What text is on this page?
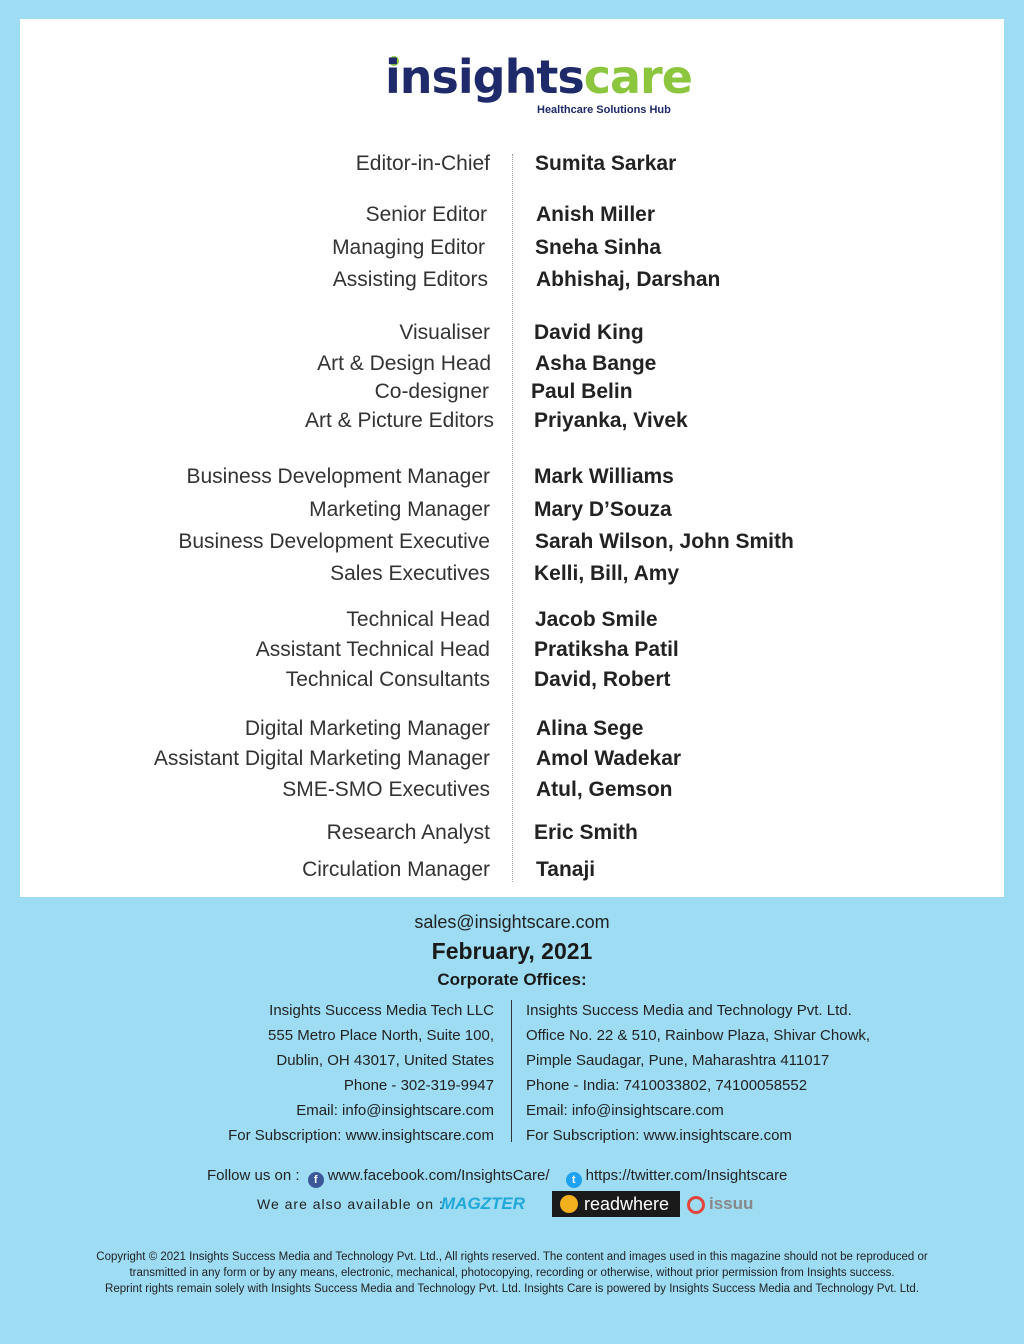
insightscare
Healthcare Solutions Hub
Editor-in-Chief Sumita Sarkar
Senior Editor Anish Miller
Managing Editor Sneha Sinha
Assisting Editors Abhishaj, Darshan
Visualiser David King
Art & Design Head Asha Bange
Co-designer Paul Belin
Art & Picture Editors Priyanka, Vivek
Business Development Manager Mark Williams
Marketing Manager Mary D’Souza
Business Development Executive Sarah Wilson, John Smith
Sales Executives Kelli, Bill, Amy
Technical Head Jacob Smile
Assistant Technical Head Pratiksha Patil
Technical Consultants David, Robert
Digital Marketing Manager Alina Sege
Assistant Digital Marketing Manager Amol Wadekar
SME-SMO Executives Atul, Gemson
Research Analyst Eric Smith
Circulation Manager Tanaji
sales@insightscare.com
February, 2021
Corporate Offices:
Insights Success Media Tech LLC
555 Metro Place North, Suite 100,
Dublin, OH 43017, United States
Phone - 302-319-9947
Email: info@insightscare.com
For Subscription: www.insightscare.com
Insights Success Media and Technology Pvt. Ltd.
Office No. 22 & 510, Rainbow Plaza, Shivar Chowk,
Pimple Saudagar, Pune, Maharashtra 411017
Phone - India: 7410033802, 74100058552
Email: info@insightscare.com
For Subscription: www.insightscare.com
Follow us on : f www.facebook.com/InsightsCare/ t https://twitter.com/Insightscare
We are also available on :
MAGZTER	readwhere	issuu
Copyright © 2021 Insights Success Media and Technology Pvt. Ltd., All rights reserved. The content and images used in this magazine should not be reproduced or
transmitted in any form or by any means, electronic, mechanical, photocopying, recording or otherwise, without prior permission from Insights success.
Reprint rights remain solely with Insights Success Media and Technology Pvt. Ltd. Insights Care is powered by Insights Success Media and Technology Pvt. Ltd.
